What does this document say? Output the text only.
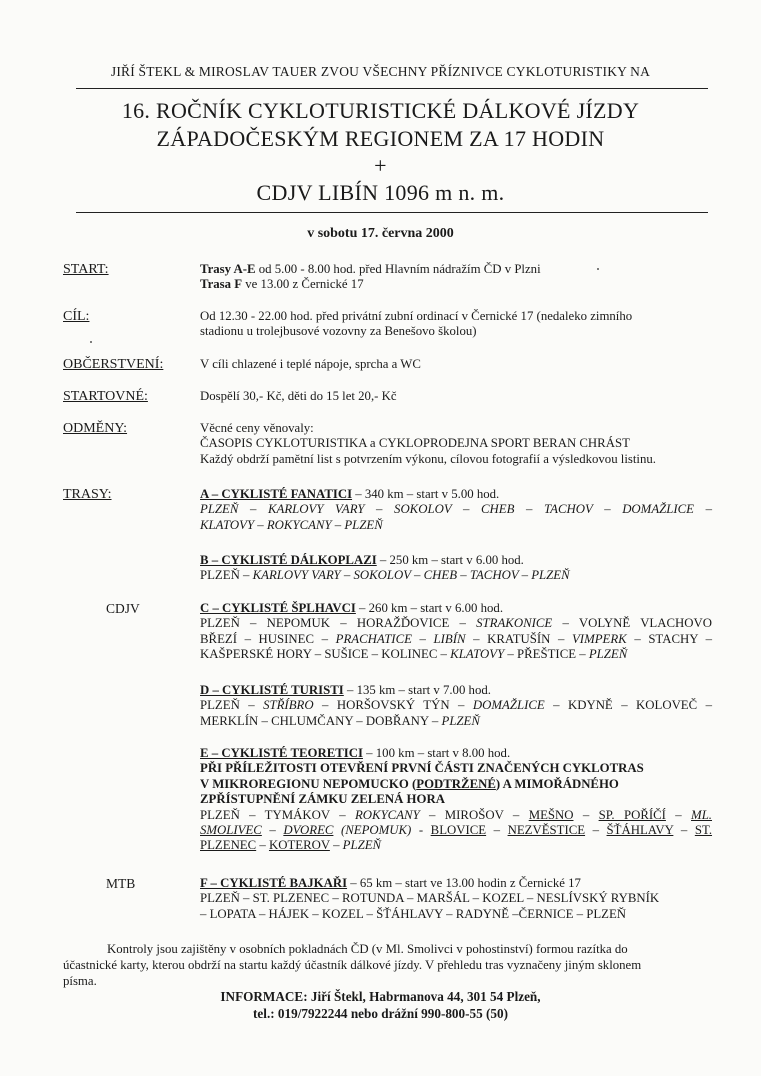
JIŘÍ ŠTEKL & MIROSLAV TAUER ZVOU VŠECHNY PŘÍZNIVCE CYKLOTURISTIKY NA
16. ROČNÍK CYKLOTURISTICKÉ DÁLKOVÉ JÍZDY
ZÁPADOČESKÝM REGIONEM ZA 17 HODIN
+
CDJV LIBÍN 1096 m n. m.
v sobotu 17. června 2000
START:	Trasy A-E od 5.00 - 8.00 hod. před Hlavním nádražím ČD v Plzni
Trasa F ve 13.00 z Černické 17
CÍL:	Od 12.30 - 22.00 hod. před privátní zubní ordinací v Černické 17 (nedaleko zimního
stadionu u trolejbusové vozovny za Benešovo školou)
OBČERSTVENÍ:	V cíli chlazené i teplé nápoje, sprcha a WC
STARTOVNÉ:	Dospělí 30,- Kč, děti do 15 let 20,- Kč
ODMĚNY:	Věcné ceny věnovaly:
ČASOPIS CYKLOTURISTIKA a CYKLOPRODEJNA SPORT BERAN CHRÁST
Každý obdrží pamětní list s potvrzením výkonu, cílovou fotografií a výsledkovou listinu.
TRASY:	A – CYKLISTÉ FANATICI – 340 km – start v 5.00 hod.
PLZEŇ – KARLOVY VARY – SOKOLOV – CHEB – TACHOV – DOMAŽLICE –
KLATOVY – ROKYCANY – PLZEŇ
B – CYKLISTÉ DÁLKOPLAZI – 250 km – start v 6.00 hod.
PLZEŇ – KARLOVY VARY – SOKOLOV – CHEB – TACHOV – PLZEŇ
CDJV	C – CYKLISTÉ ŠPLHAVCI – 260 km – start v 6.00 hod.
PLZEŇ – NEPOMUK – HORAŽĎOVICE – STRAKONICE – VOLYNĚ VLACHOVO
BŘEZÍ – HUSINEC – PRACHATICE – LIBÍN – KRATUŠÍN – VIMPERK – STACHY –
KAŠPERSKÉ HORY – SUŠICE – KOLINEC – KLATOVY – PŘEŠTICE – PLZEŇ
D – CYKLISTÉ TURISTI – 135 km – start v 7.00 hod.
PLZEŇ – STŘÍBRO – HORŠOVSKÝ TÝN – DOMAŽLICE – KDYNĚ – KOLOVEČ –
MERKLÍN – CHLUMČANY – DOBŘANY – PLZEŇ
E – CYKLISTÉ TEORETICI – 100 km – start v 8.00 hod.
PŘI PŘÍLEŽITOSTI OTEVŘENÍ PRVNÍ ČÁSTI ZNAČENÝCH CYKLOTRAS
V MIKROREGIONU NEPOMUCKO (PODTRŽENÉ) A MIMOŘÁDNÉHO
ZPŘÍSTUPNĚNÍ ZÁMKU ZELENÁ HORA
PLZEŇ – TYMÁKOV – ROKYCANY – MIROŠOV – MEŠNO – SP. POŘÍČÍ – ML.
SMOLIVEC – DVOREC (NEPOMUK) - BLOVICE – NEZVĚSTICE – ŠŤÁHLAVY – ST.
PLZENEC – KOTEROV – PLZEŇ
MTB	F – CYKLISTÉ BAJKAŘI – 65 km – start ve 13.00 hodin z Černické 17
PLZEŇ – ST. PLZENEC – ROTUNDA – MARŠÁL – KOZEL – NESLÍVSKÝ RYBNÍK
– LOPATA – HÁJEK – KOZEL – ŠŤÁHLAVY – RADYNĚ –ČERNICE – PLZEŇ
Kontroly jsou zajištěny v osobních pokladnách ČD (v Ml. Smolivci v pohostinství) formou razítka do
účastnické karty, kterou obdrží na startu každý účastník dálkové jízdy. V přehledu tras vyznačeny jiným sklonem
písma.
INFORMACE: Jiří Štekl, Habrmanova 44, 301 54 Plzeň,
tel.: 019/7922244 nebo drážní 990-800-55 (50)
